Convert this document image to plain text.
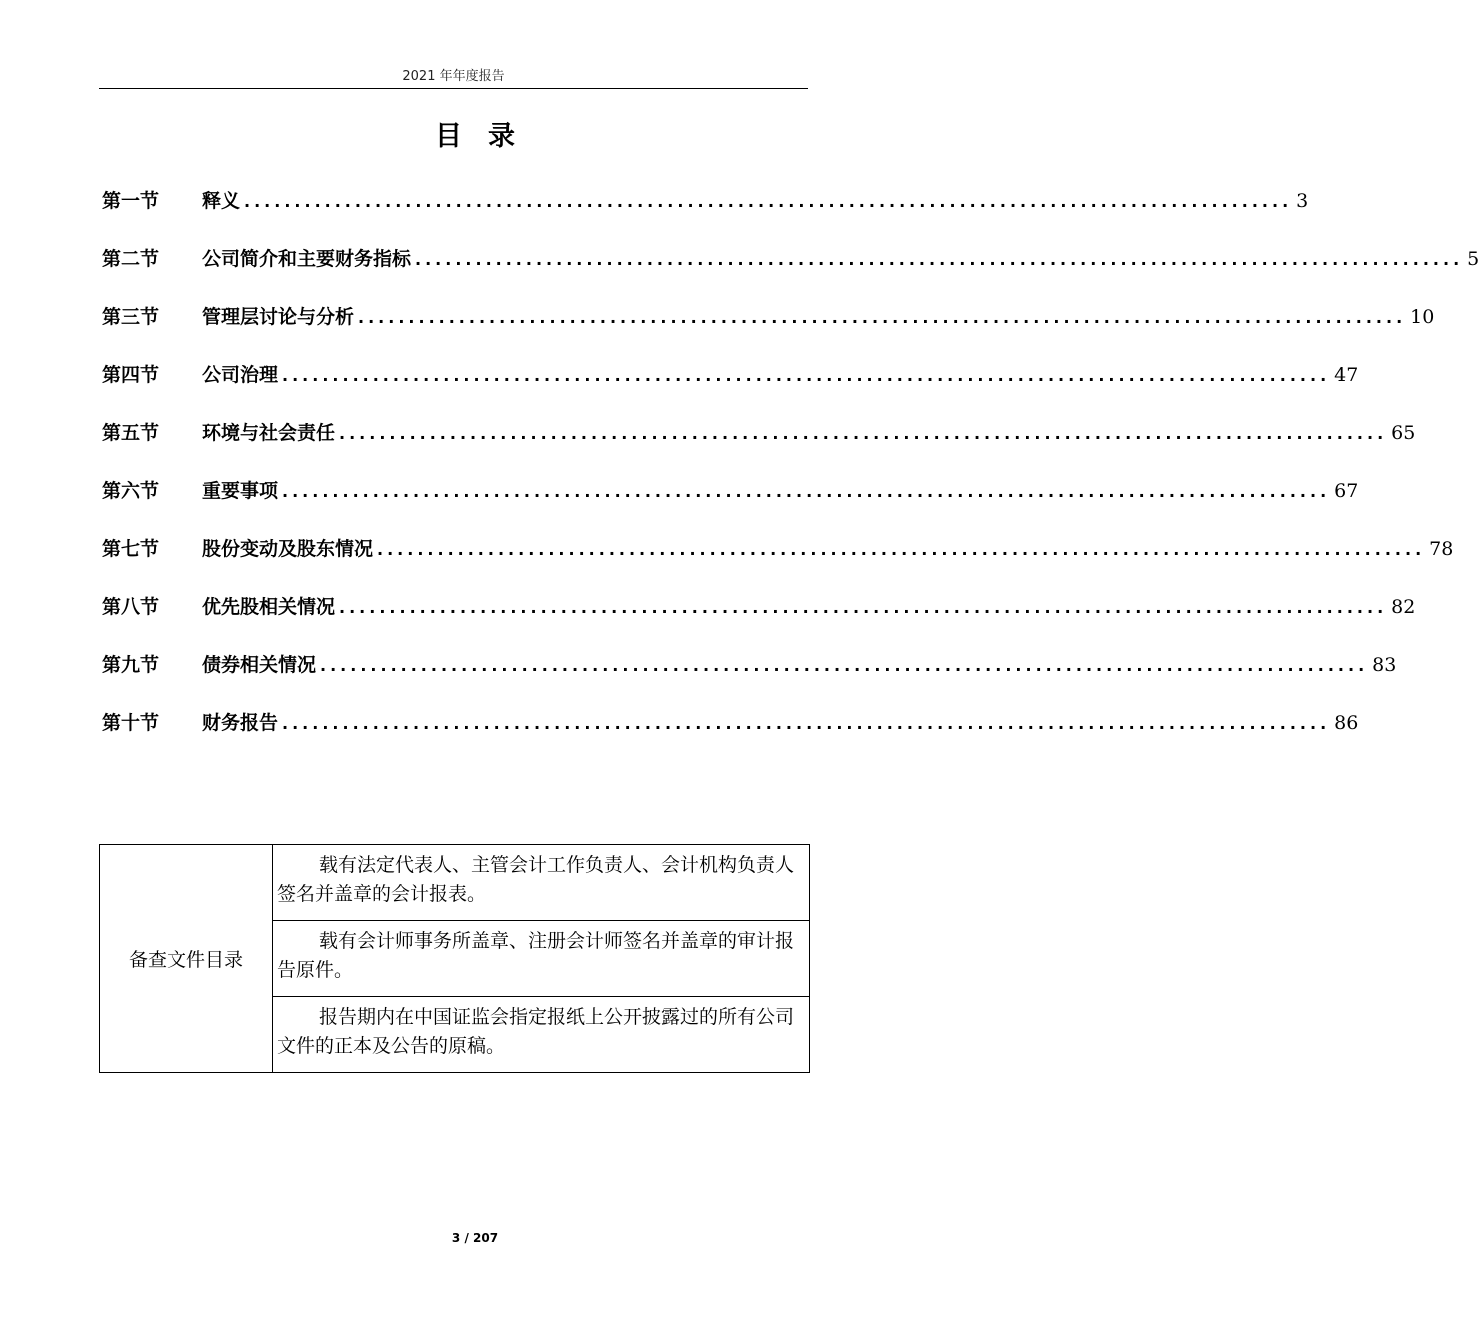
2021 年年度报告
目录
第一节	释义 ........................................................................................................ 3
第二节	公司简介和主要财务指标 ........................................................................................................ 5
第三节	管理层讨论与分析 ........................................................................................................ 10
第四节	公司治理 ........................................................................................................ 47
第五节	环境与社会责任 ........................................................................................................ 65
第六节	重要事项 ........................................................................................................ 67
第七节	股份变动及股东情况 ........................................................................................................ 78
第八节	优先股相关情况 ........................................................................................................ 82
第九节	债券相关情况 ........................................................................................................ 83
第十节	财务报告 ........................................................................................................ 86
备查文件目录	载有法定代表人、主管会计工作负责人、会计机构负责人签名并盖章的会计报表。
载有会计师事务所盖章、注册会计师签名并盖章的审计报告原件。
报告期内在中国证监会指定报纸上公开披露过的所有公司文件的正本及公告的原稿。
3 / 207
